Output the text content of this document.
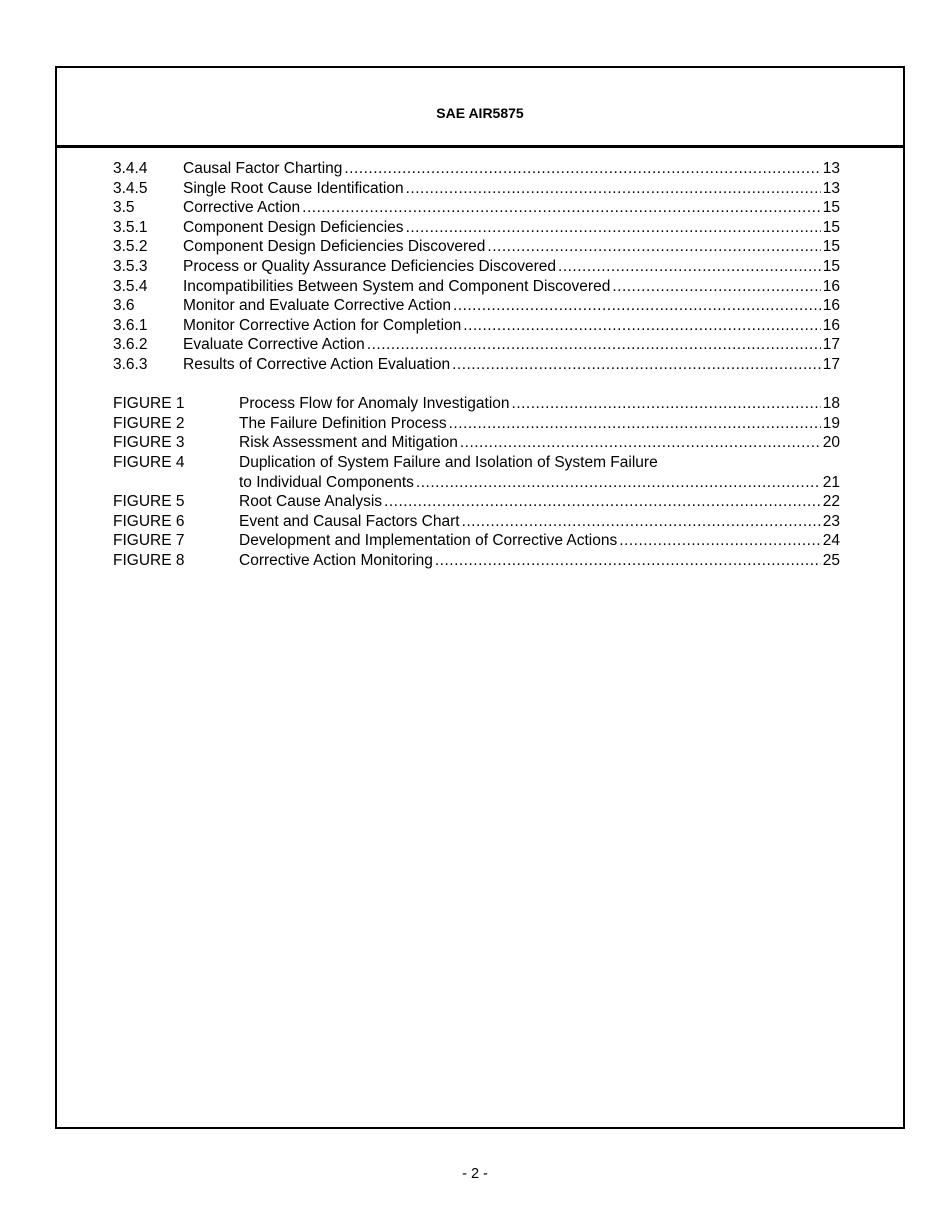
SAE AIR5875
3.4.4	Causal Factor Charting .....	13
3.4.5	Single Root Cause Identification .....	13
3.5	Corrective Action .....	15
3.5.1	Component Design Deficiencies .....	15
3.5.2	Component Design Deficiencies Discovered .....	15
3.5.3	Process or Quality Assurance Deficiencies Discovered .....	15
3.5.4	Incompatibilities Between System and Component Discovered .....	16
3.6	Monitor and Evaluate Corrective Action .....	16
3.6.1	Monitor Corrective Action for Completion .....	16
3.6.2	Evaluate Corrective Action .....	17
3.6.3	Results of Corrective Action Evaluation .....	17
FIGURE 1	Process Flow for Anomaly Investigation .....	18
FIGURE 2	The Failure Definition Process .....	19
FIGURE 3	Risk Assessment and Mitigation .....	20
FIGURE 4	Duplication of System Failure and Isolation of System Failure
to Individual Components .....	21
FIGURE 5	Root Cause Analysis .....	22
FIGURE 6	Event and Causal Factors Chart .....	23
FIGURE 7	Development and Implementation of Corrective Actions .....	24
FIGURE 8	Corrective Action Monitoring .....	25
- 2 -
